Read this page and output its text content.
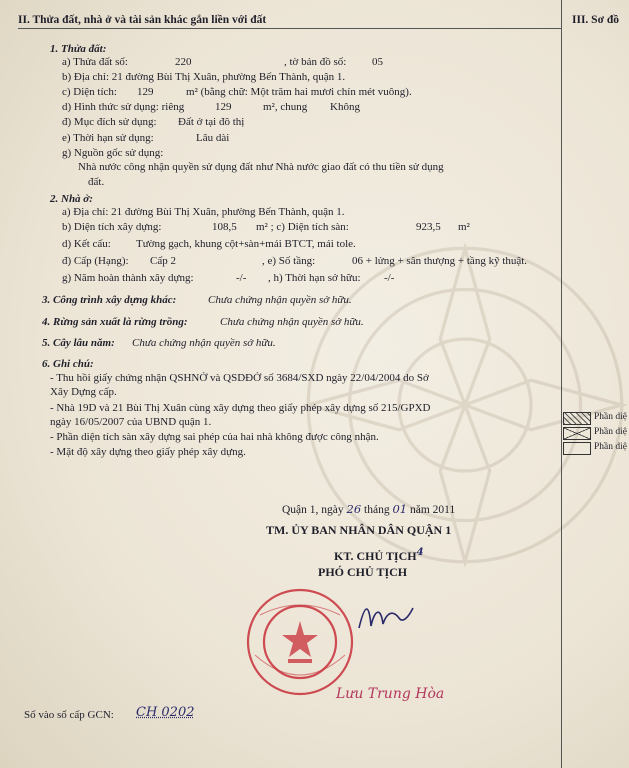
II. Thửa đất, nhà ở và tài sản khác gắn liền với đất	III. Sơ đồ
1. Thửa đất:
a) Thửa đất số:	220	, tờ bản đồ số: 05
b) Địa chỉ: 21 đường Bùi Thị Xuân, phường Bến Thành, quận 1.
c) Diện tích: 129	m² (bằng chữ: Một trăm hai mươi chín mét vuông).
d) Hình thức sử dụng: riêng	129	m², chung Không
đ) Mục đích sử dụng: Đất ở tại đô thị
e) Thời hạn sử dụng:	Lâu dài
g) Nguồn gốc sử dụng:
Nhà nước công nhận quyền sử dụng đất như Nhà nước giao đất có thu tiền sử dụng
đất.
2. Nhà ở:
a) Địa chỉ: 21 đường Bùi Thị Xuân, phường Bến Thành, quận 1.
b) Diện tích xây dựng:	108,5 m² ; c) Diện tích sàn:	923,5 m²
d) Kết cấu: Tường gạch, khung cột+sàn+mái BTCT, mái tole.
đ) Cấp (Hạng): Cấp 2	, e) Số tầng:	06 + lửng + sân thượng + tầng kỹ thuật.
g) Năm hoàn thành xây dựng:	-/- , h) Thời hạn sở hữu: -/-
3. Công trình xây dựng khác:	Chưa chứng nhận quyền sở hữu.
4. Rừng sản xuất là rừng trồng:	Chưa chứng nhận quyền sở hữu.
5. Cây lâu năm: Chưa chứng nhận quyền sở hữu.
6. Ghi chú:
- Thu hồi giấy chứng nhận QSHNỞ và QSDĐỞ số 3684/SXD ngày 22/04/2004 do Sở
Xây Dựng cấp.
- Nhà 19D và 21 Bùi Thị Xuân cùng xây dựng theo giấy phép xây dựng số 215/GPXD
ngày 16/05/2007 của UBND quận 1.
- Phần diện tích sàn xây dựng sai phép của hai nhà không được công nhận.
- Mặt độ xây dựng theo giấy phép xây dựng.
Phần diệ
Phần diệ
Phần diệ
Quận 1, ngày 26 tháng 01 năm 2011
TM. ỦY BAN NHÂN DÂN QUẬN 1
KT. CHỦ TỊCH$^4$
PHÓ CHỦ TỊCH
Lưu Trung Hòa
Số vào sổ cấp GCN: CH 0202
